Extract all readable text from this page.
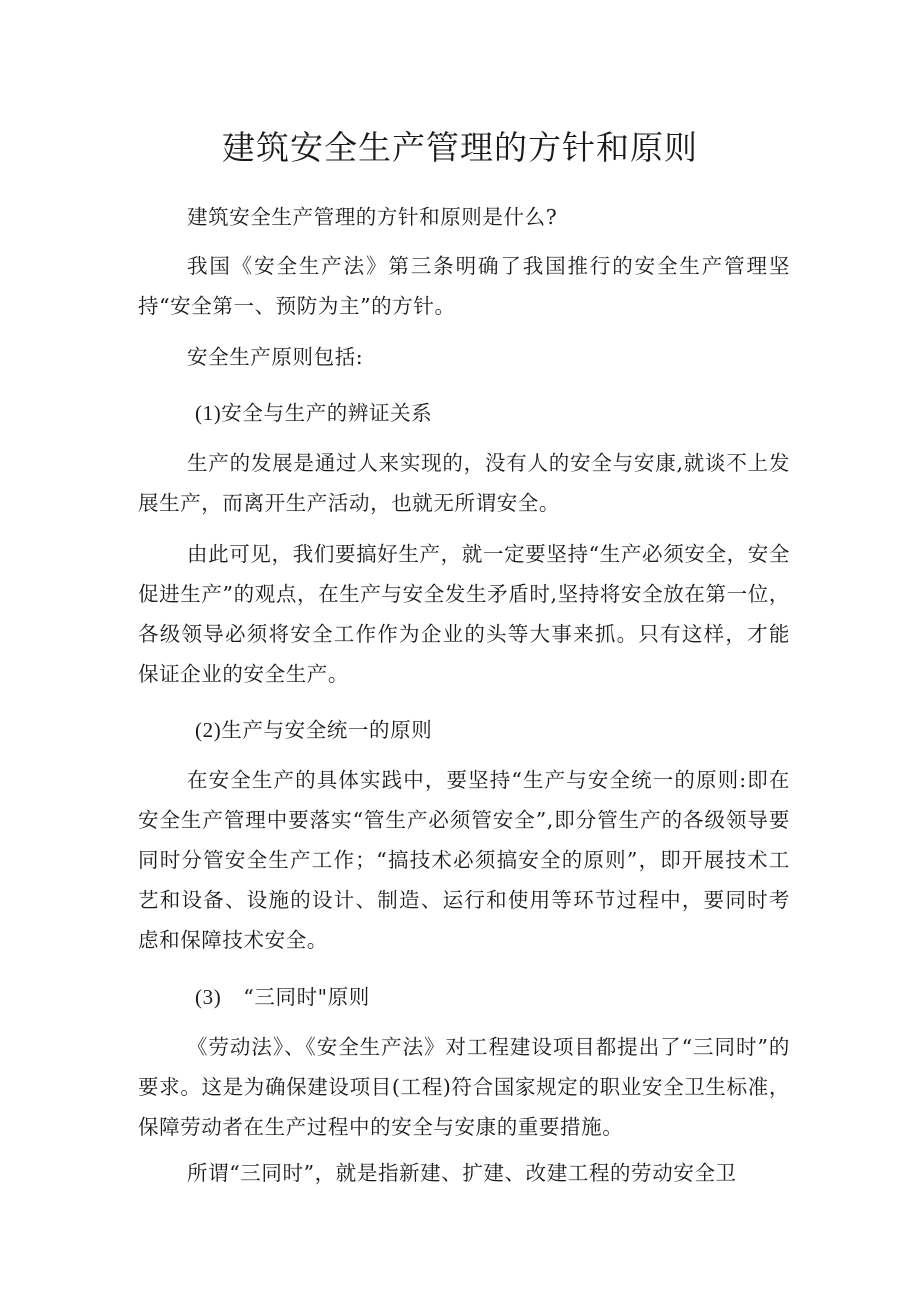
建筑安全生产管理的方针和原则

建筑安全生产管理的方针和原则是什么?

我国《安全生产法》第三条明确了我国推行的安全生产管理坚持“安全第一、预防为主”的方针。

安全生产原则包括:

(1)安全与生产的辨证关系

生产的发展是通过人来实现的，没有人的安全与安康,就谈不上发展生产，而离开生产活动，也就无所谓安全。

由此可见，我们要搞好生产，就一定要坚持“生产必须安全，安全促进生产”的观点，在生产与安全发生矛盾时,坚持将安全放在第一位，各级领导必须将安全工作作为企业的头等大事来抓。只有这样，才能保证企业的安全生产。

(2)生产与安全统一的原则

在安全生产的具体实践中，要坚持“生产与安全统一的原则:即在安全生产管理中要落实“管生产必须管安全”,即分管生产的各级领导要同时分管安全生产工作；“搞技术必须搞安全的原则”，即开展技术工艺和设备、设施的设计、制造、运行和使用等环节过程中，要同时考虑和保障技术安全。

(3) “三同时"原则

《劳动法》、《安全生产法》对工程建设项目都提出了“三同时”的要求。这是为确保建设项目(工程)符合国家规定的职业安全卫生标准，保障劳动者在生产过程中的安全与安康的重要措施。

所谓“三同时”，就是指新建、扩建、改建工程的劳动安全卫
